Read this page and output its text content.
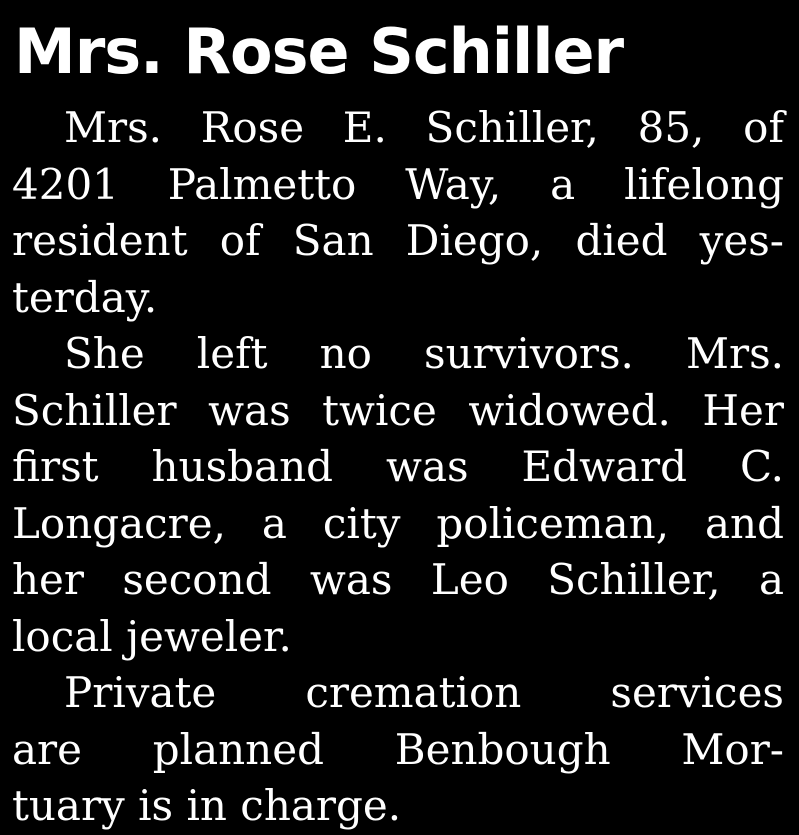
Mrs. Rose Schiller
Mrs. Rose E. Schiller, 85, of
4201 Palmetto Way, a lifelong
resident of San Diego, died yes-
terday.
She left no survivors. Mrs.
Schiller was twice widowed. Her
first husband was Edward C.
Longacre, a city policeman, and
her second was Leo Schiller, a
local jeweler.
Private cremation services
are planned Benbough Mor-
tuary is in charge.
